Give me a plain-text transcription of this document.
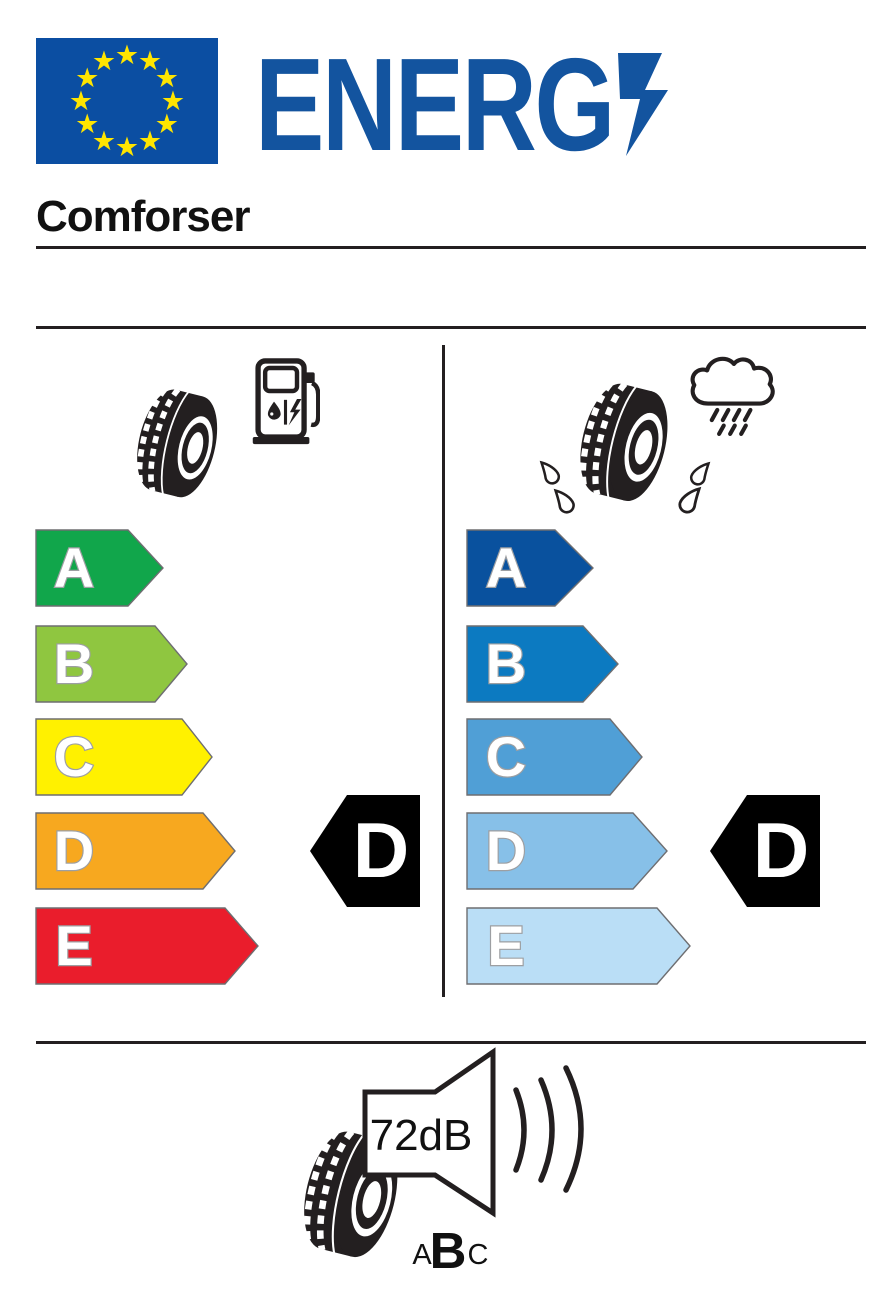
★
★
★
★
★
★
★
★
★
★
★
★ ENERG
Comforser
A
B
C
D
E
D
A
B
C
D
E
D
72dB
A
B C
